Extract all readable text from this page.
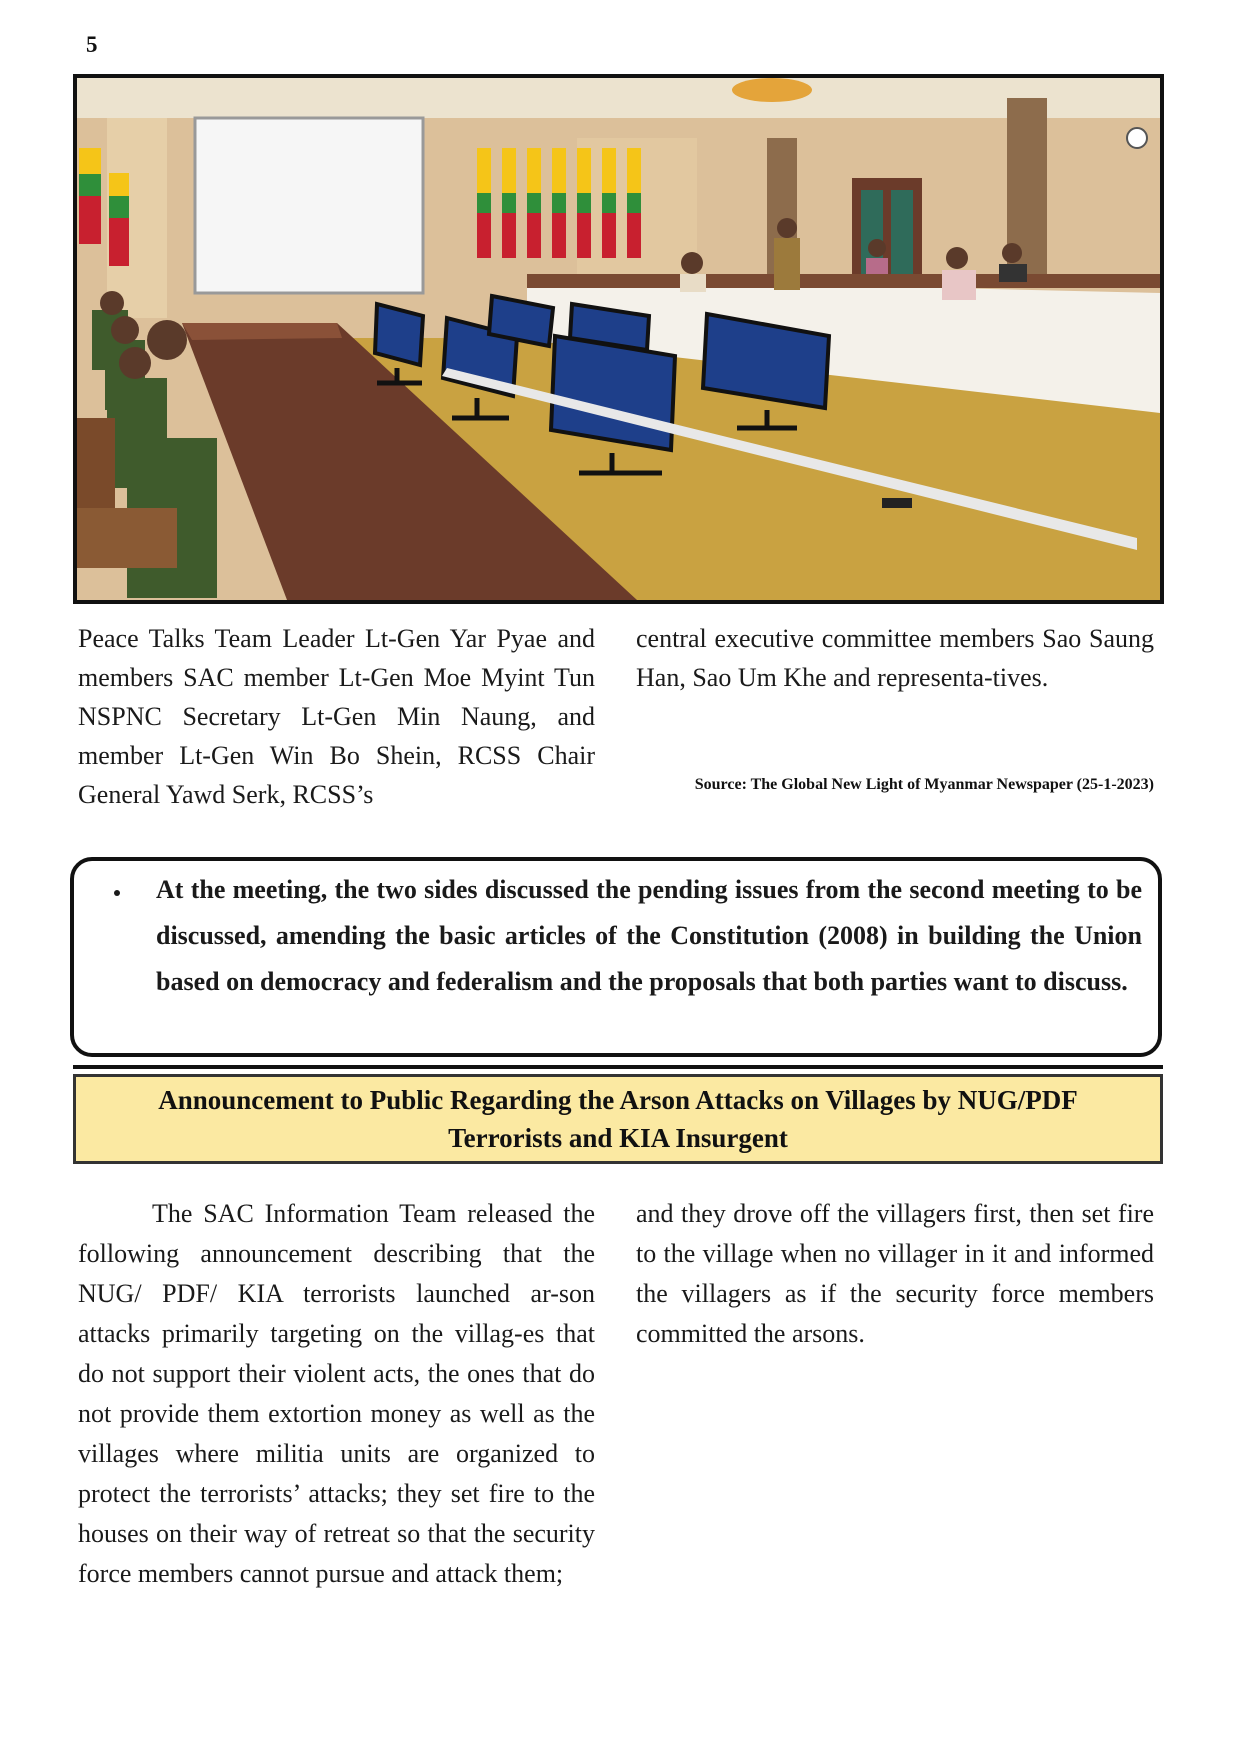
5
Peace Talks Team Leader Lt-Gen Yar Pyae and members SAC member Lt-Gen Moe Myint Tun NSPNC Secretary Lt-Gen Min Naung, and member Lt-Gen Win Bo Shein, RCSS Chair General Yawd Serk, RCSS’s
central executive committee members Sao Saung Han, Sao Um Khe and representa-tives.
Source: The Global New Light of Myanmar Newspaper (25-1-2023)
• At the meeting, the two sides discussed the pending issues from the second meeting to be discussed, amending the basic articles of the Constitution (2008) in building the Union based on democracy and federalism and the proposals that both parties want to discuss.
Announcement to Public Regarding the Arson Attacks on Villages by NUG/PDF
Terrorists and KIA Insurgent
The SAC Information Team released the following announcement describing that the NUG/ PDF/ KIA terrorists launched ar-son attacks primarily targeting on the villag-es that do not support their violent acts, the ones that do not provide them extortion money as well as the villages where militia units are organized to protect the terrorists’ attacks; they set fire to the houses on their way of retreat so that the security force members cannot pursue and attack them;
and they drove off the villagers first, then set fire to the village when no villager in it and informed the villagers as if the security force members committed the arsons.
